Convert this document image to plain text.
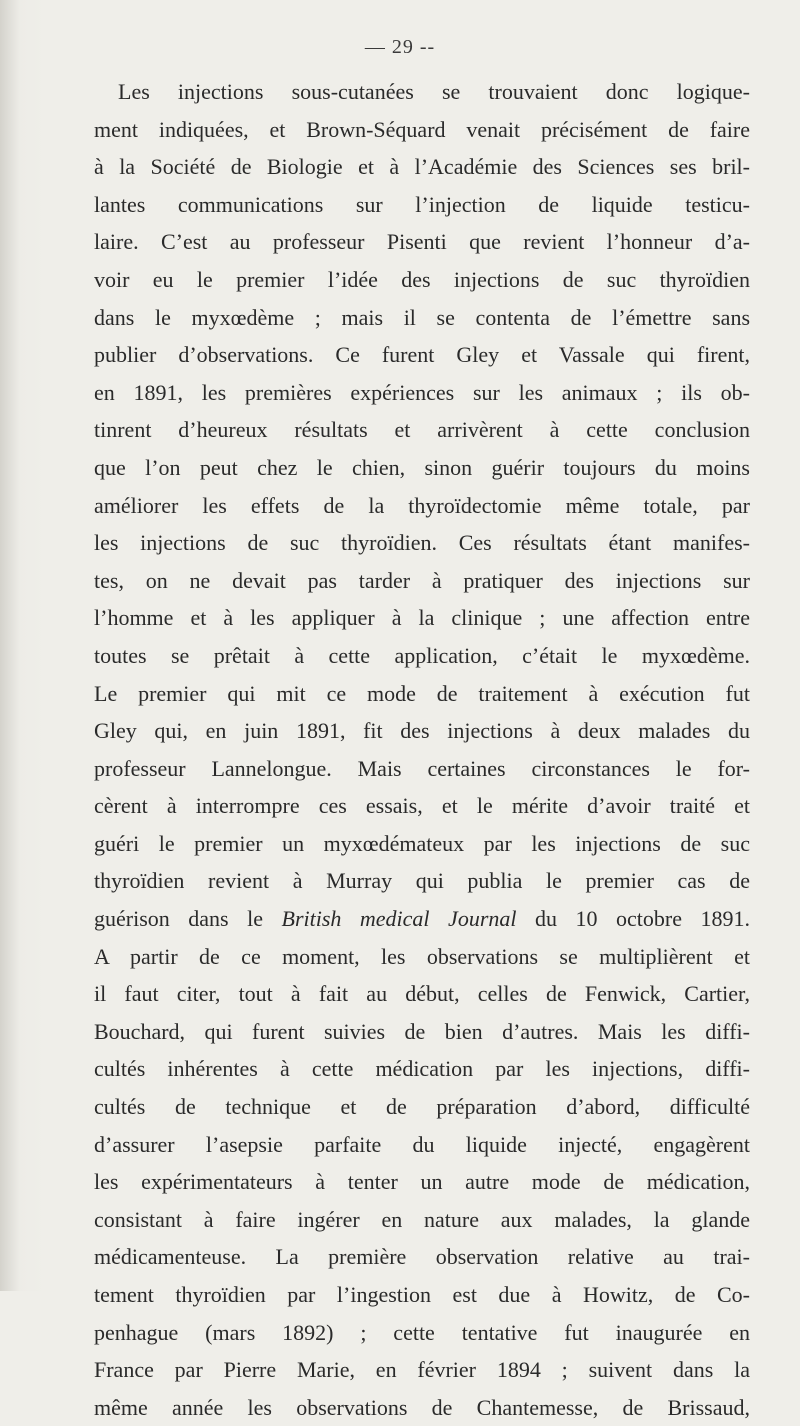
— 29 --
Les injections sous-cutanées se trouvaient donc logique-
ment indiquées, et Brown-Séquard venait précisément de faire
à la Société de Biologie et à l’Académie des Sciences ses bril-
lantes communications sur l’injection de liquide testicu-
laire. C’est au professeur Pisenti que revient l’honneur d’a-
voir eu le premier l’idée des injections de suc thyroïdien
dans le myxœdème ; mais il se contenta de l’émettre sans
publier d’observations. Ce furent Gley et Vassale qui firent,
en 1891, les premières expériences sur les animaux ; ils ob-
tinrent d’heureux résultats et arrivèrent à cette conclusion
que l’on peut chez le chien, sinon guérir toujours du moins
améliorer les effets de la thyroïdectomie même totale, par
les injections de suc thyroïdien. Ces résultats étant manifes-
tes, on ne devait pas tarder à pratiquer des injections sur
l’homme et à les appliquer à la clinique ; une affection entre
toutes se prêtait à cette application, c’était le myxœdème.
Le premier qui mit ce mode de traitement à exécution fut
Gley qui, en juin 1891, fit des injections à deux malades du
professeur Lannelongue. Mais certaines circonstances le for-
cèrent à interrompre ces essais, et le mérite d’avoir traité et
guéri le premier un myxœdémateux par les injections de suc
thyroïdien revient à Murray qui publia le premier cas de
guérison dans le British medical Journal du 10 octobre 1891.
A partir de ce moment, les observations se multiplièrent et
il faut citer, tout à fait au début, celles de Fenwick, Cartier,
Bouchard, qui furent suivies de bien d’autres. Mais les diffi-
cultés inhérentes à cette médication par les injections, diffi-
cultés de technique et de préparation d’abord, difficulté
d’assurer l’asepsie parfaite du liquide injecté, engagèrent
les expérimentateurs à tenter un autre mode de médication,
consistant à faire ingérer en nature aux malades, la glande
médicamenteuse. La première observation relative au trai-
tement thyroïdien par l’ingestion est due à Howitz, de Co-
penhague (mars 1892) ; cette tentative fut inaugurée en
France par Pierre Marie, en février 1894 ; suivent dans la
même année les observations de Chantemesse, de Brissaud,
